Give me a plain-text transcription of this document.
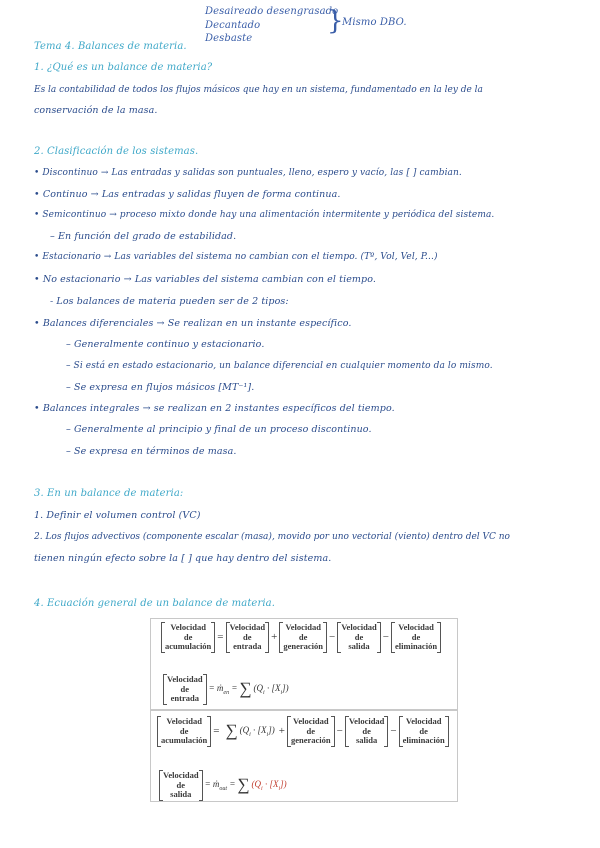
Desaireado desengrasado
Decantado
Desbaste
}
Mismo DBO.
Tema 4. Balances de materia.
1. ¿Qué es un balance de materia?
Es la contabilidad de todos los flujos másicos que hay en un sistema, fundamentado en la ley de la
conservación de la masa.
2. Clasificación de los sistemas.
• Discontinuo → Las entradas y salidas son puntuales, lleno, espero y vacío, las [ ] cambian.
• Continuo → Las entradas y salidas fluyen de forma continua.
• Semicontinuo → proceso mixto donde hay una alimentación intermitente y periódica del sistema.
– En función del grado de estabilidad.
• Estacionario → Las variables del sistema no cambian con el tiempo. (Tº, Vol, Vel, P...)
• No estacionario → Las variables del sistema cambian con el tiempo.
- Los balances de materia pueden ser de 2 tipos:
• Balances diferenciales → Se realizan en un instante específico.
– Generalmente continuo y estacionario.
– Si está en estado estacionario, un balance diferencial en cualquier momento da lo mismo.
– Se expresa en flujos másicos [MT⁻¹].
• Balances integrales → se realizan en 2 instantes específicos del tiempo.
– Generalmente al principio y final de un proceso discontinuo.
– Se expresa en términos de masa.
3. En un balance de materia:
1. Definir el volumen control (VC)
2. Los flujos advectivos (componente escalar (masa), movido por uno vectorial (viento) dentro del VC no
tienen ningún efecto sobre la [ ] que hay dentro del sistema.
4. Ecuación general de un balance de materia.
Velocidad
de
acumulación
=
Velocidad
de
entrada
+
Velocidad
de
generación
−
Velocidad
de
salida
−
Velocidad
de
eliminación
Velocidad
de
entrada
= ṁ$_{en}$ = ∑ $(Q_i \cdot [X_i])$
Velocidad
de
acumulación
= ∑ $(Q_i \cdot [X_i])$ +
Velocidad
de
generación
−
Velocidad
de
salida
−
Velocidad
de
eliminación
Velocidad
de
salida
= ṁ$_{out}$ = ∑ $(Q_i \cdot [X_i])$
